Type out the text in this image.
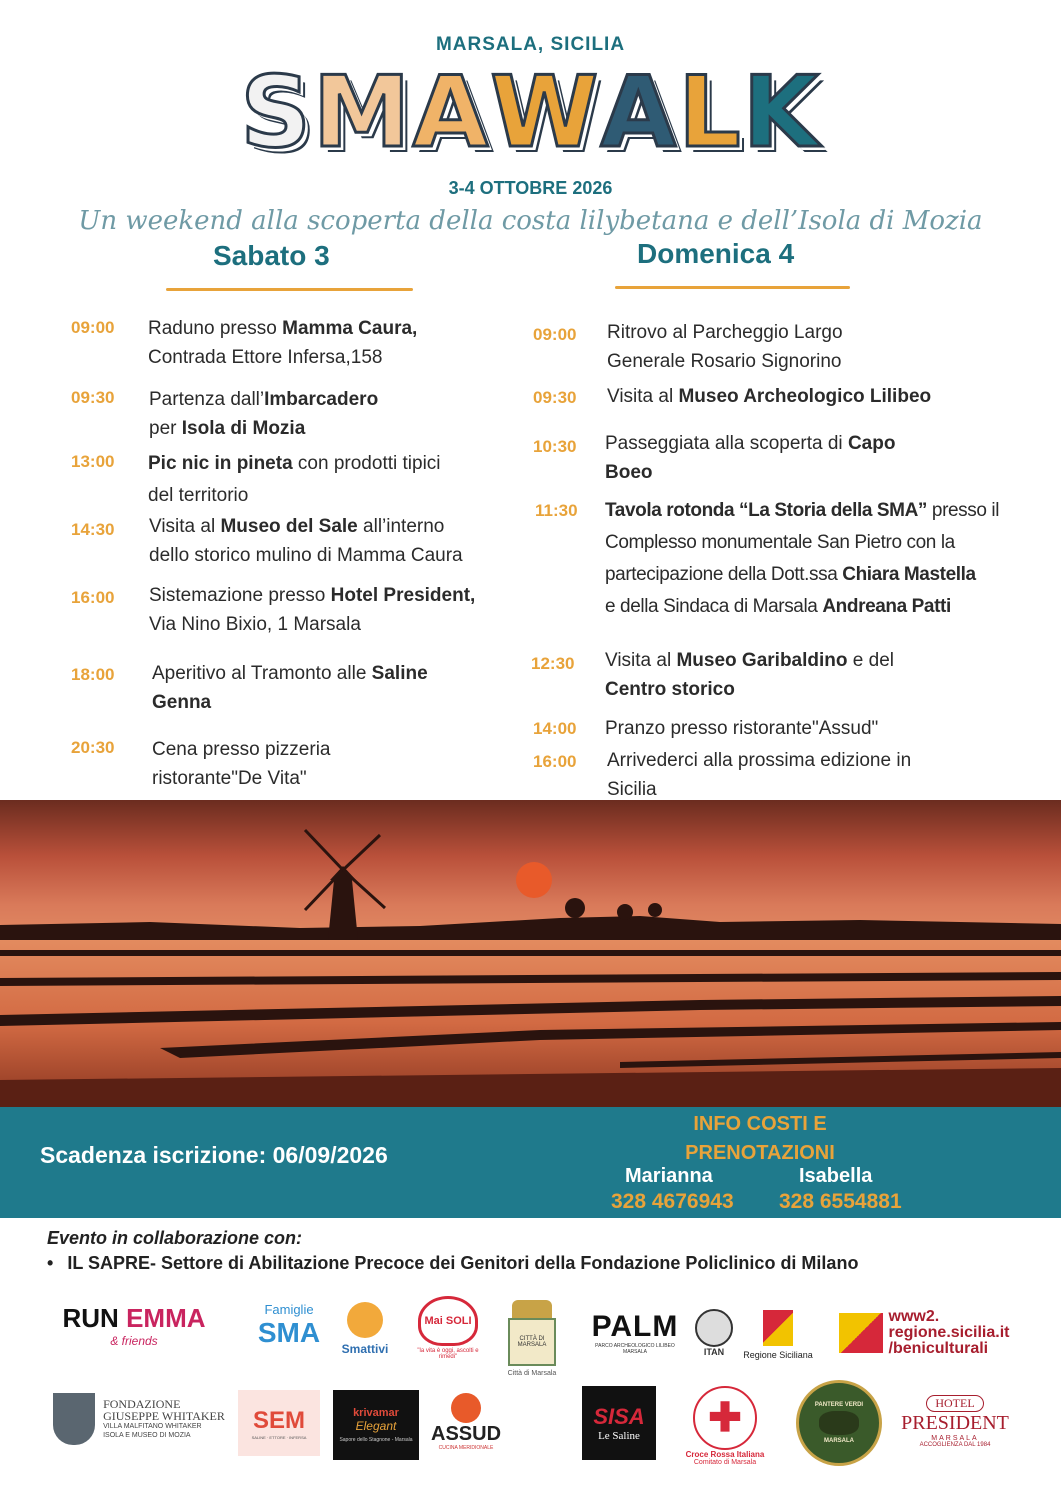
MARSALA, SICILIA
SMAWALK
3-4 OTTOBRE 2026
Un weekend alla scoperta della costa lilybetana e dell’Isola di Mozia
Sabato 3	Domenica 4
09:00 Raduno presso Mamma Caura,
Contrada Ettore Infersa,158
09:30 Partenza dall’Imbarcadero
per Isola di Mozia
13:00 Pic nic in pineta con prodotti tipici
del territorio
14:30 Visita al Museo del Sale all’interno
dello storico mulino di Mamma Caura
16:00 Sistemazione presso Hotel President,
Via Nino Bixio, 1 Marsala
18:00 Aperitivo al Tramonto alle Saline
Genna
20:30 Cena presso pizzeria
ristorante"De Vita"
09:00 Ritrovo al Parcheggio Largo
Generale Rosario Signorino
09:30 Visita al Museo Archeologico Lilibeo
10:30 Passeggiata alla scoperta di Capo
Boeo
11:30 Tavola rotonda “La Storia della SMA” presso il
Complesso monumentale San Pietro con la
partecipazione della Dott.ssa Chiara Mastella
e della Sindaca di Marsala Andreana Patti
12:30 Visita al Museo Garibaldino e del
Centro storico
14:00 Pranzo presso ristorante"Assud"
16:00 Arrivederci alla prossima edizione in
Sicilia
Scadenza iscrizione: 06/09/2026
INFO COSTI E
PRENOTAZIONI
Marianna
328 4676943
Isabella
328 6554881
Evento in collaborazione con:
• IL SAPRE- Settore di Abilitazione Precoce dei Genitori della Fondazione Policlinico di Milano
RUN EMMA
& friends
Famiglie
SMA
Smattivi
Mai SOLI
"la vita è oggi, ascolti e rimedi"
CITTÀ DI MARSALA
Città di Marsala
PALM
PARCO ARCHEOLOGICO LILIBEO MARSALA	ITAN Regione Siciliana
www2.
regione.sicilia.it
/beniculturali
FONDAZIONE
GIUSEPPE WHITAKER
VILLA MALFITANO WHITAKER
ISOLA E MUSEO DI MOZIA
SEM
SALINE · ETTORE · INFERSA
krivamar
Elegant
Sapore dello Stagnone - Marsala ASSUD
CUCINA MERIDIONALE
SISA
Le Saline ✚
Croce Rossa Italiana
Comitato di Marsala
PANTERE VERDI
MARSALA
HOTEL
PRESIDENT
MARSALA
ACCOGLIENZA DAL 1984
